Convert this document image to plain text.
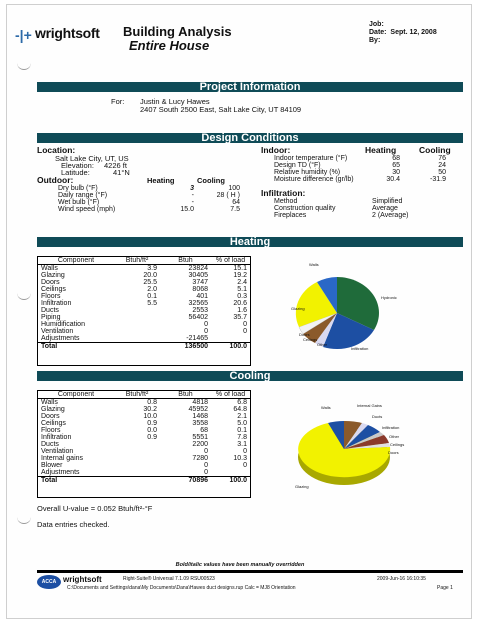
-|+ wrightsoft Building Analysis
Entire House
Job:
Date: Sept. 12, 2008
By:
Project Information
For: Justin & Lucy Hawes
2407 South 2500 East, Salt Lake City, UT 84109
Design Conditions
Location:
Salt Lake City, UT, US
Elevation: 4226 ft
Latitude:	41°N
Outdoor:	Heating	Cooling
Dry bulb (°F)	3	100
Daily range (°F)	-	28 ( H )
Wet bulb (°F)	-	64
Wind speed (mph)	15.0	7.5
Indoor:	Heating	Cooling
Indoor temperature (°F)	68	76
Design TD (°F)	65	24
Relative humidity (%)	30	50
Moisture difference (gr/lb)	30.4	-31.9
Infiltration:
Method	Simplified
Construction quality	Average
Fireplaces	2 (Average)
Heating
Component	Btuh/ft²	Btuh	% of load
Walls	3.9	23824	15.1
Glazing	20.0	30405	19.2
Doors	25.5	3747	2.4
Ceilings	2.0	8068	5.1
Floors	0.1	401	0.3
Infiltration	5.5	32565	20.6
Ducts		2553	1.6
Piping		56402	35.7
Humidification		0	0
Ventilation		0	0
Adjustments		-21465	
Total		136500	100.0
Walls
Hydronic
Glazing
Doors
Ceilings
Other
Infiltration
Cooling
Component	Btuh/ft²	Btuh	% of load
Walls	0.8	4818	6.8
Glazing	30.2	45952	64.8
Doors	10.0	1468	2.1
Ceilings	0.9	3558	5.0
Floors	0.0	68	0.1
Infiltration	0.9	5551	7.8
Ducts		2200	3.1
Ventilation		0	0
Internal gains		7280	10.3
Blower		0	0
Adjustments		0	
Total		70896	100.0
Walls	Internal Gains
Ducts
Infiltration
Other
Ceilings
Doors
Glazing
Overall U-value = 0.052 Btuh/ft²-°F
Data entries checked.
Bold/italic values have been manually overridden
ACCA wrightsoft	Right-Suite® Universal 7.1.09 RSU00523
C:\Documents and Settings\dana\My Documents\Dana\Hawes duct designs.rup Calc = MJ8 Orientation
2009-Jun-16 16:10:35
Page 1
